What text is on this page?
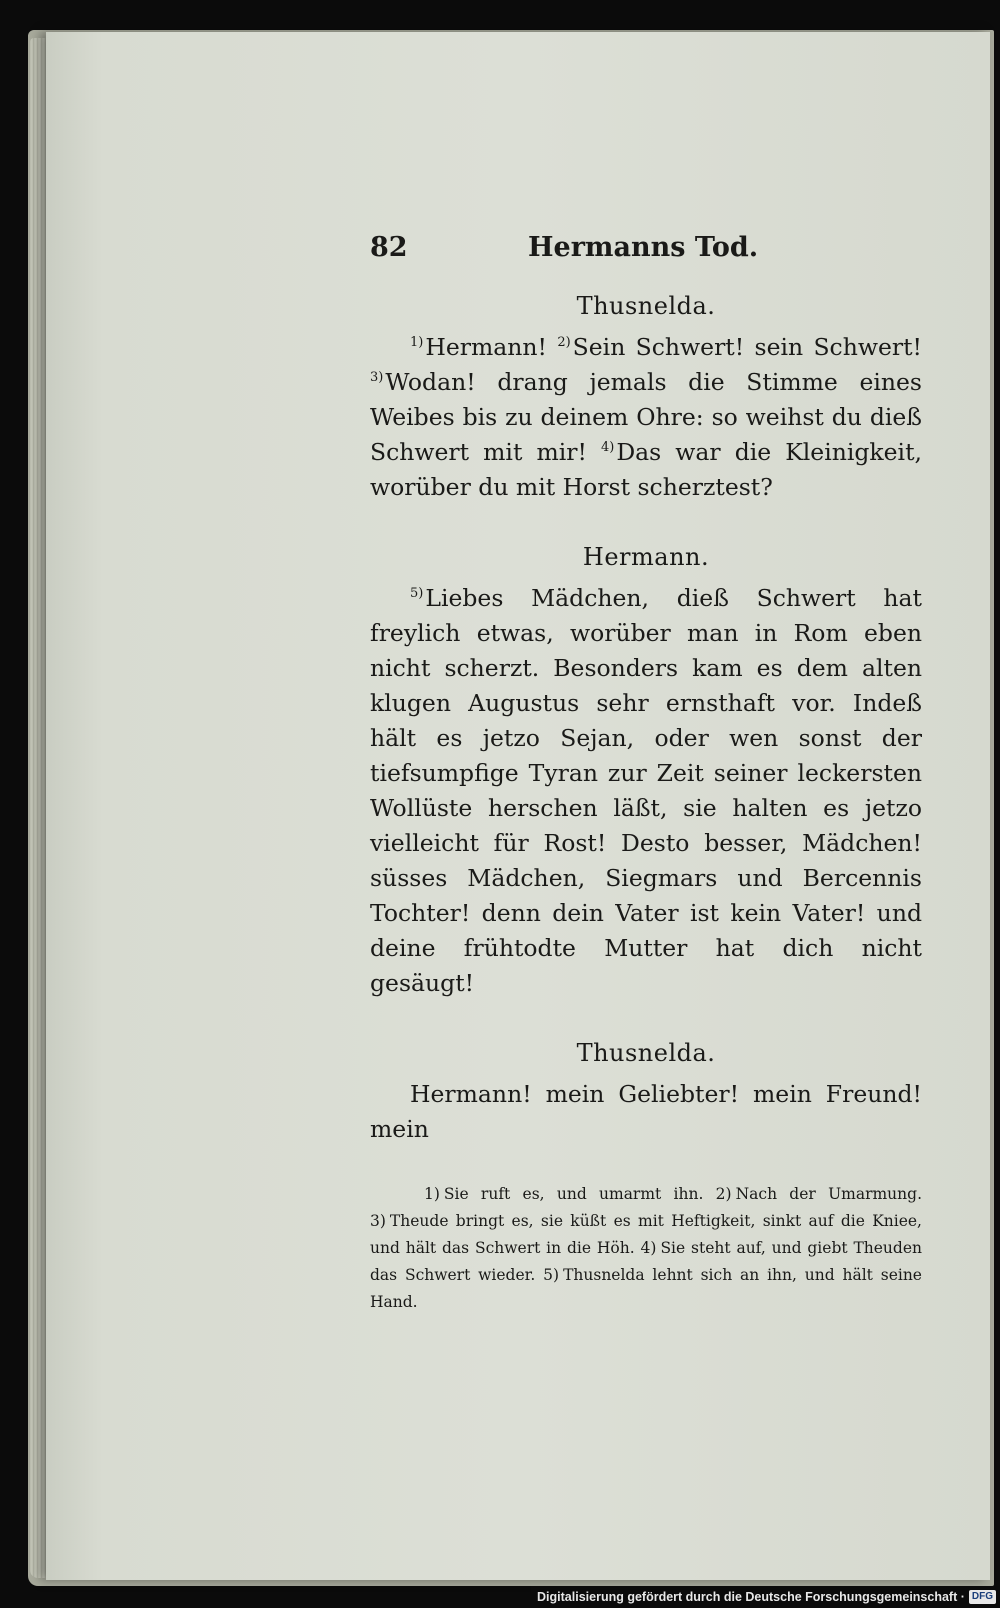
82	Hermanns Tod.
Thusnelda.

$^{1)}$Hermann! $^{2)}$Sein Schwert! sein Schwert! $^{3)}$Wodan! drang jemals die Stimme eines Weibes bis zu deinem Ohre: so weihst du dieß Schwert mit mir! $^{4)}$Das war die Kleinigkeit, worüber du mit Horst scherztest?

Hermann.

$^{5)}$Liebes Mädchen, dieß Schwert hat freylich etwas, worüber man in Rom eben nicht scherzt. Besonders kam es dem alten klugen Augustus sehr ernsthaft vor. Indeß hält es jetzo Sejan, oder wen sonst der tiefsumpfige Tyran zur Zeit seiner leckersten Wollüste herschen läßt, sie halten es jetzo vielleicht für Rost! Desto besser, Mädchen! süsses Mädchen, Siegmars und Bercennis Tochter! denn dein Vater ist kein Vater! und deine frühtodte Mutter hat dich nicht gesäugt!

Thusnelda.

Hermann! mein Geliebter! mein Freund! mein

1) Sie ruft es, und umarmt ihn. 2) Nach der Umarmung. 3) Theude bringt es, sie küßt es mit Heftigkeit, sinkt auf die Kniee, und hält das Schwert in die Höh. 4) Sie steht auf, und giebt Theuden das Schwert wieder. 5) Thusnelda lehnt sich an ihn, und hält seine Hand.
Digitalisierung gefördert durch die Deutsche Forschungsgemeinschaft · DFG
